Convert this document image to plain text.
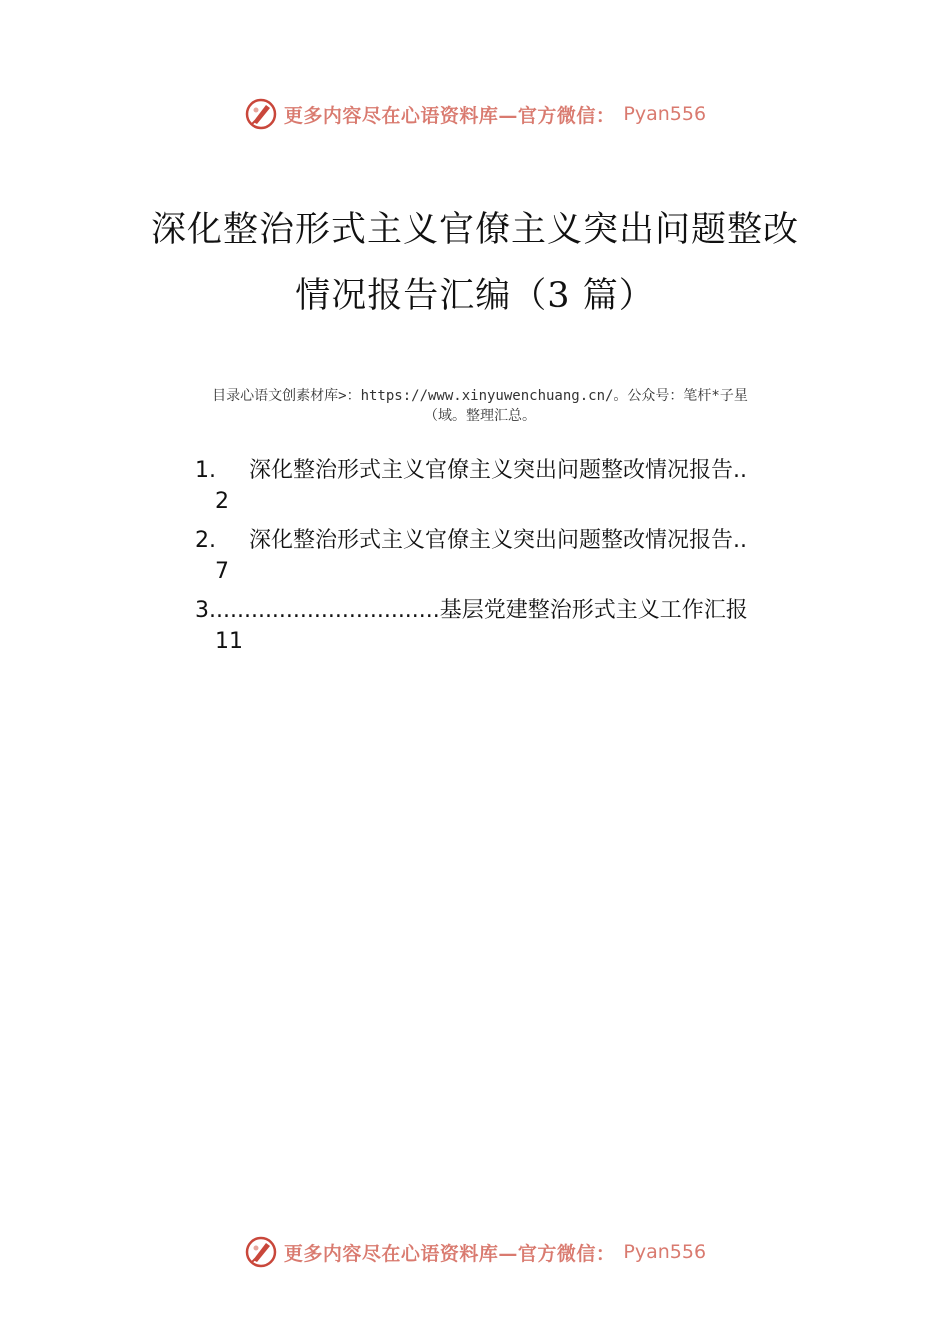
更多内容尽在心语资料库—官方微信： Pyan556
深化整治形式主义官僚主义突出问题整改
情况报告汇编（3 篇）
目录心语文创素材库>：https://www.xinyuwenchuang.cn/。公众号：笔杆*子星
（域。整理汇总。
1.	深化整治形式主义官僚主义突出问题整改情况报告..
2
2.	深化整治形式主义官僚主义突出问题整改情况报告..
7
3................................. 基层党建整治形式主义工作汇报
11
更多内容尽在心语资料库—官方微信： Pyan556
